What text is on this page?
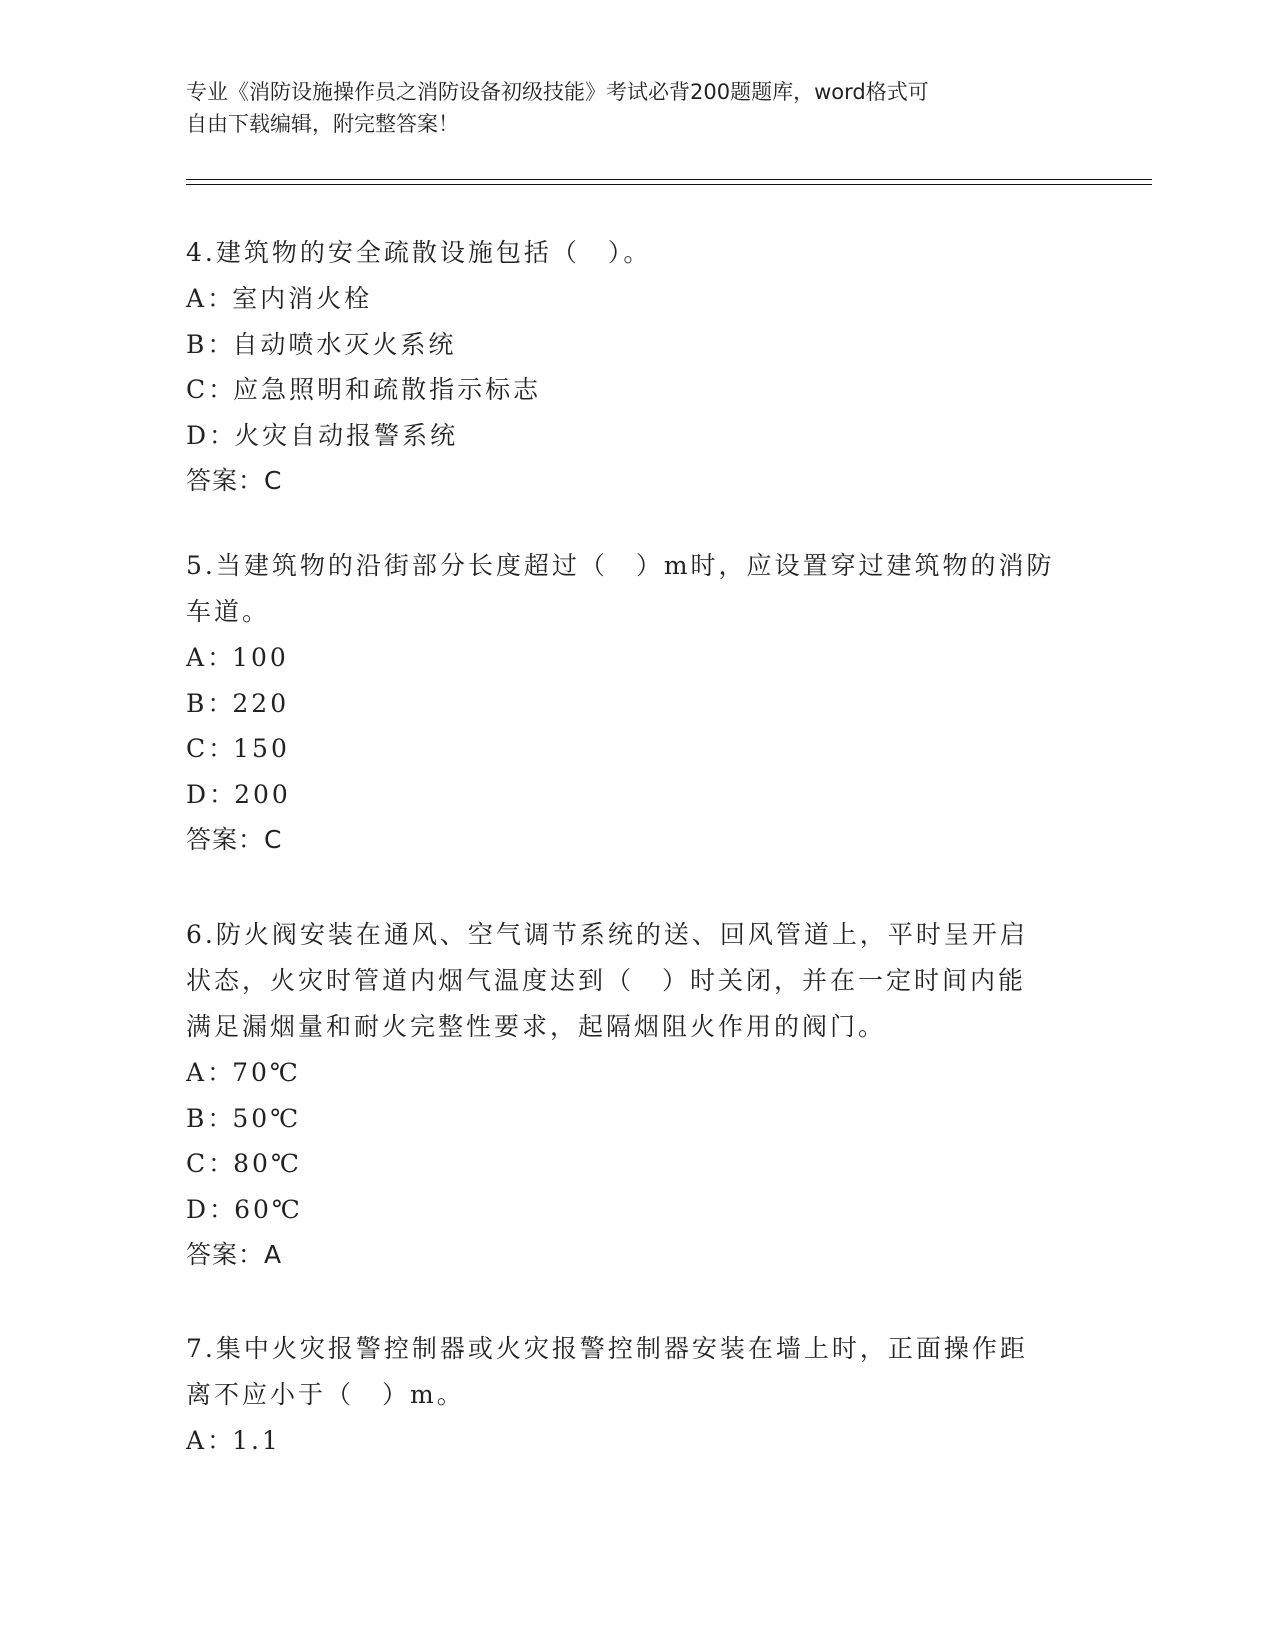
专业《消防设施操作员之消防设备初级技能》考试必背200题题库，word格式可
自由下载编辑，附完整答案！
4.建筑物的安全疏散设施包括（　）。
A：室内消火栓
B：自动喷水灭火系统
C：应急照明和疏散指示标志
D：火灾自动报警系统
答案：C
5.当建筑物的沿街部分长度超过（　）m时，应设置穿过建筑物的消防
车道。
A：100
B：220
C：150
D：200
答案：C
6.防火阀安装在通风、空气调节系统的送、回风管道上，平时呈开启
状态，火灾时管道内烟气温度达到（　）时关闭，并在一定时间内能
满足漏烟量和耐火完整性要求，起隔烟阻火作用的阀门。
A：70℃
B：50℃
C：80℃
D：60℃
答案：A
7.集中火灾报警控制器或火灾报警控制器安装在墙上时，正面操作距
离不应小于（　）m。
A：1.1
